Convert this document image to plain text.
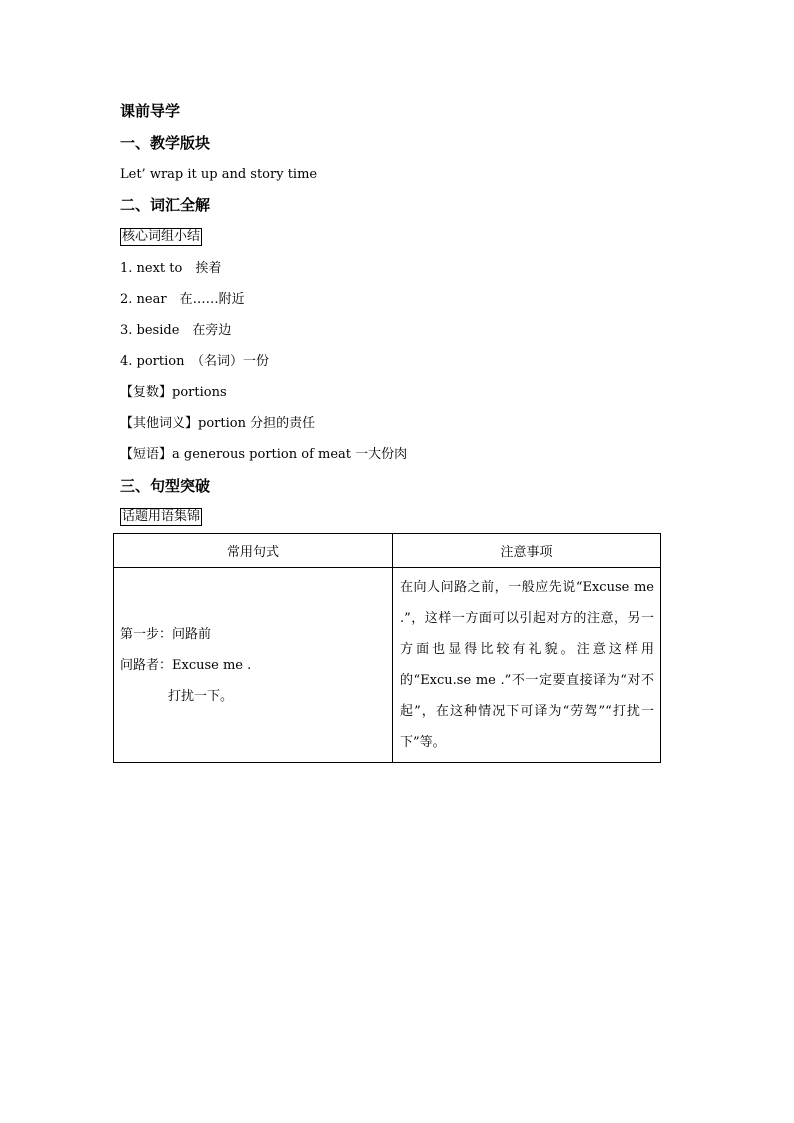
课前导学
一、教学版块
Let’ wrap it up and story time
二、词汇全解
核心词组小结
1. next to　挨着
2. near　在……附近
3. beside　在旁边
4. portion　（名词）一份
【复数】portions
【其他词义】portion 分担的责任
【短语】a generous portion of meat 一大份肉
三、句型突破
话题用语集锦
常用句式	注意事项

第一步：问路前
问路者：Excuse me .
打扰一下。	在向人问路之前，一般应先说“Excuse me .”，这样一方面可以引起对方的注意，另一方面也显得比较有礼貌。注意这样用的“Excu.se me .”不一定要直接译为“对不起”，在这种情况下可译为“劳驾”“打扰一下”等。
